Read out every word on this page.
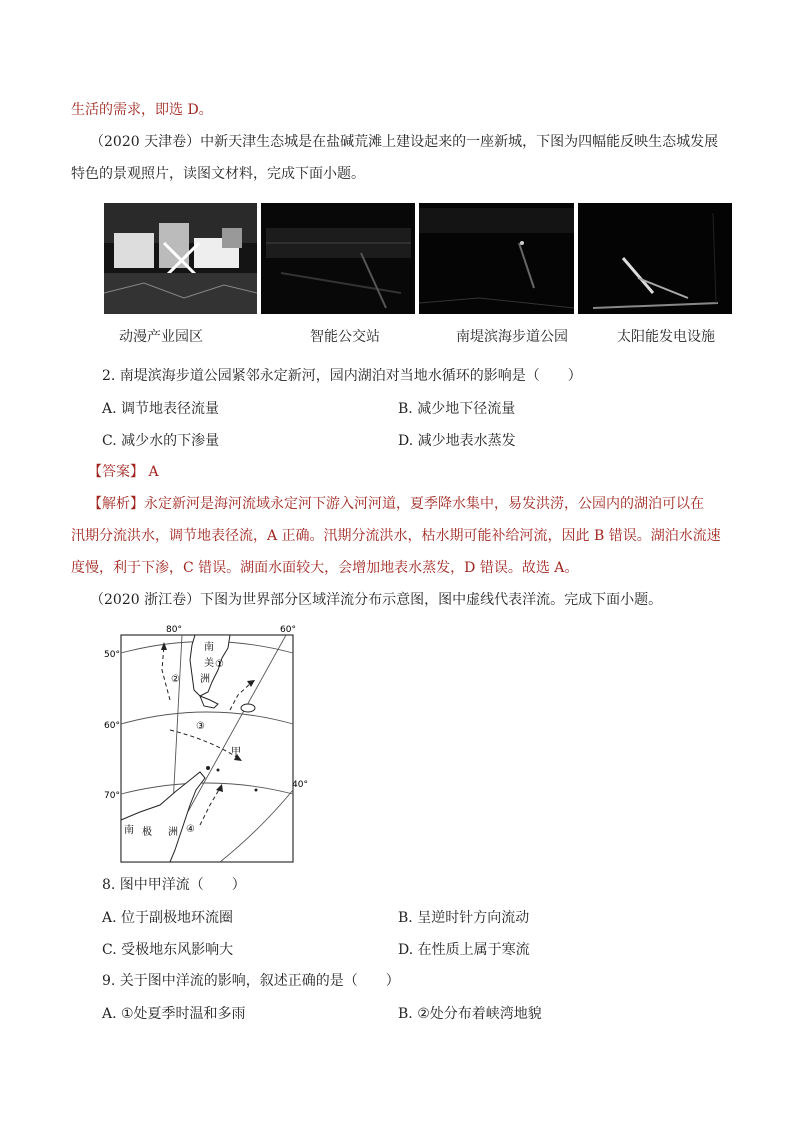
生活的需求，即选 D。
（2020 天津卷）中新天津生态城是在盐碱荒滩上建设起来的一座新城，下图为四幅能反映生态城发展
特色的景观照片，读图文材料，完成下面小题。
动漫产业园区	智能公交站	南堤滨海步道公园	太阳能发电设施
2. 南堤滨海步道公园紧邻永定新河，园内湖泊对当地水循环的影响是（　　）
A. 调节地表径流量	B. 减少地下径流量
C. 减少水的下渗量	D. 减少地表水蒸发
【答案】 A
【解析】永定新河是海河流域永定河下游入河河道，夏季降水集中，易发洪涝，公园内的湖泊可以在
汛期分流洪水，调节地表径流，A 正确。汛期分流洪水，枯水期可能补给河流，因此 B 错误。湖泊水流速
度慢，利于下渗，C 错误。湖面水面较大，会增加地表水蒸发，D 错误。故选 A。
（2020 浙江卷）下图为世界部分区域洋流分布示意图，图中虚线代表洋流。完成下面小题。
80°	60°
40°
50°
60°
70°
南
美
洲
南 极 洲
甲
①
②
③
④
8. 图中甲洋流（　　）
A. 位于副极地环流圈	B. 呈逆时针方向流动
C. 受极地东风影响大	D. 在性质上属于寒流
9. 关于图中洋流的影响，叙述正确的是（　　）
A. ①处夏季时温和多雨	B. ②处分布着峡湾地貌
